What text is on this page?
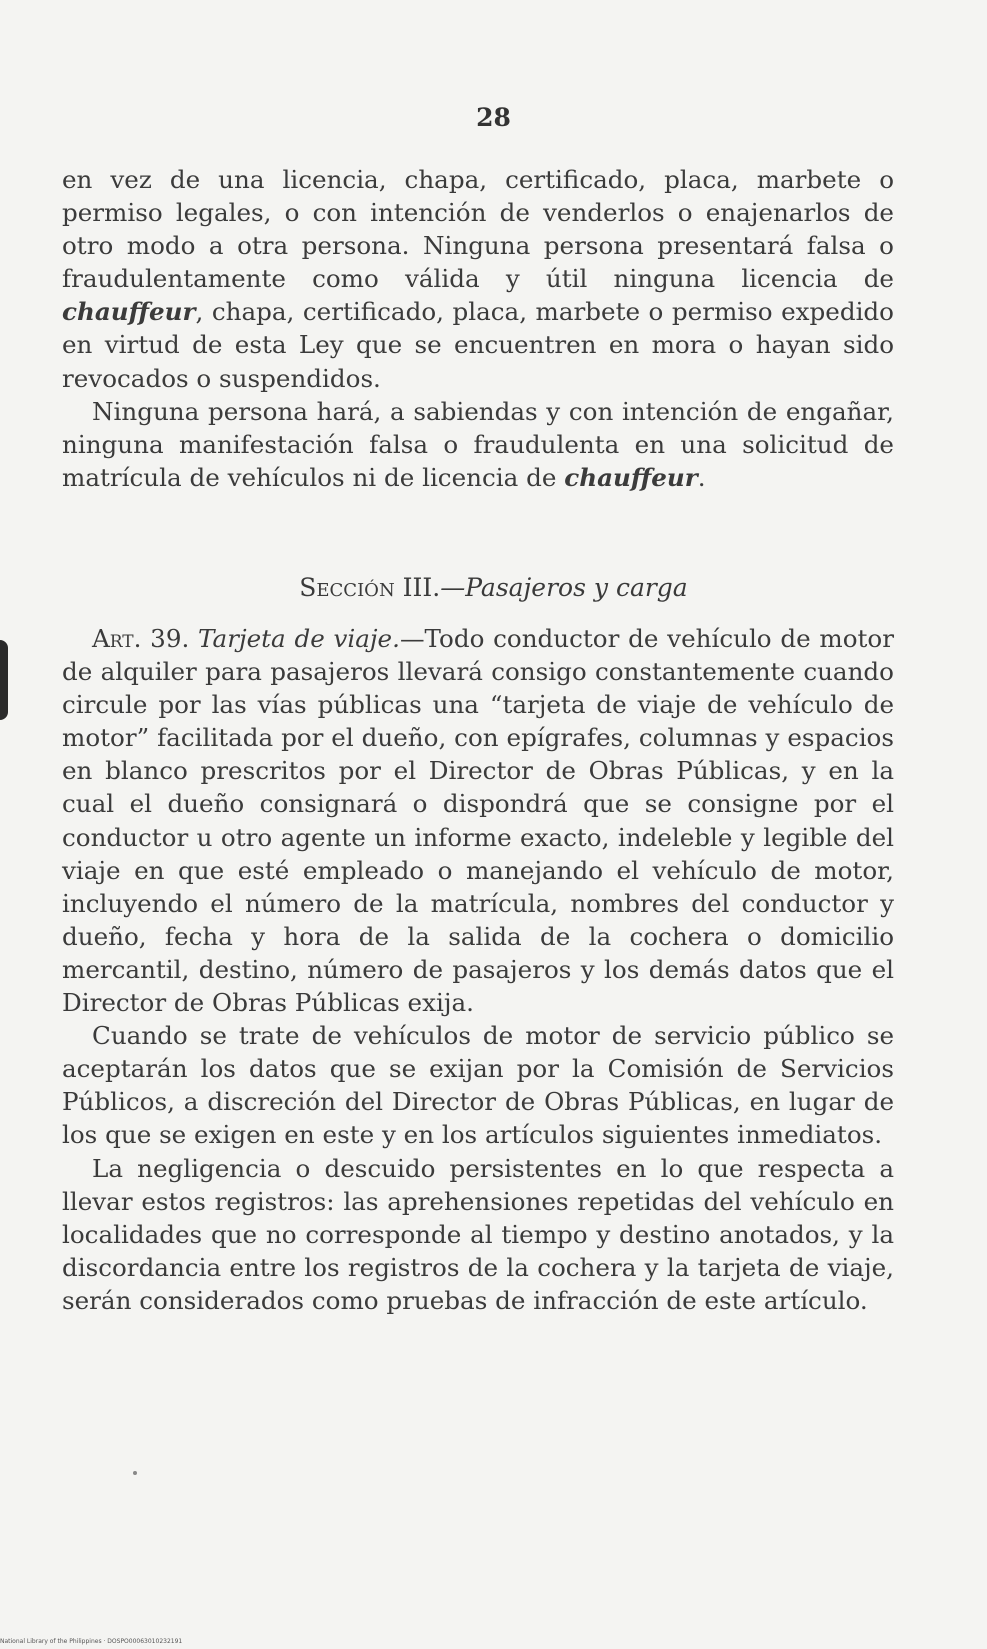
28

en vez de una licencia, chapa, certificado, placa, marbete o permiso legales, o con intención de venderlos o enajenarlos de otro modo a otra persona. Ninguna persona presentará falsa o fraudulentamente como válida y útil ninguna licencia de chauffeur, chapa, certificado, placa, marbete o permiso expedido en virtud de esta Ley que se encuentren en mora o hayan sido revocados o suspendidos.

Ninguna persona hará, a sabiendas y con intención de engañar, ninguna manifestación falsa o fraudulenta en una solicitud de matrícula de vehículos ni de licencia de chauffeur.

Sección III.—Pasajeros y carga

Art. 39. Tarjeta de viaje.—Todo conductor de vehículo de motor de alquiler para pasajeros llevará consigo constantemente cuando circule por las vías públicas una “tarjeta de viaje de vehículo de motor” facilitada por el dueño, con epígrafes, columnas y espacios en blanco prescritos por el Director de Obras Públicas, y en la cual el dueño consignará o dispondrá que se consigne por el conductor u otro agente un informe exacto, indeleble y legible del viaje en que esté empleado o manejando el vehículo de motor, incluyendo el número de la matrícula, nombres del conductor y dueño, fecha y hora de la salida de la cochera o domicilio mercantil, destino, número de pasajeros y los demás datos que el Director de Obras Públicas exija.

Cuando se trate de vehículos de motor de servicio público se aceptarán los datos que se exijan por la Comisión de Servicios Públicos, a discreción del Director de Obras Públicas, en lugar de los que se exigen en este y en los artículos siguientes inmediatos.

La negligencia o descuido persistentes en lo que respecta a llevar estos registros: las aprehensiones repetidas del vehículo en localidades que no corresponde al tiempo y destino anotados, y la discordancia entre los registros de la cochera y la tarjeta de viaje, serán considerados como pruebas de infracción de este artículo.

National Library of the Philippines · DOSPO00063010232191
